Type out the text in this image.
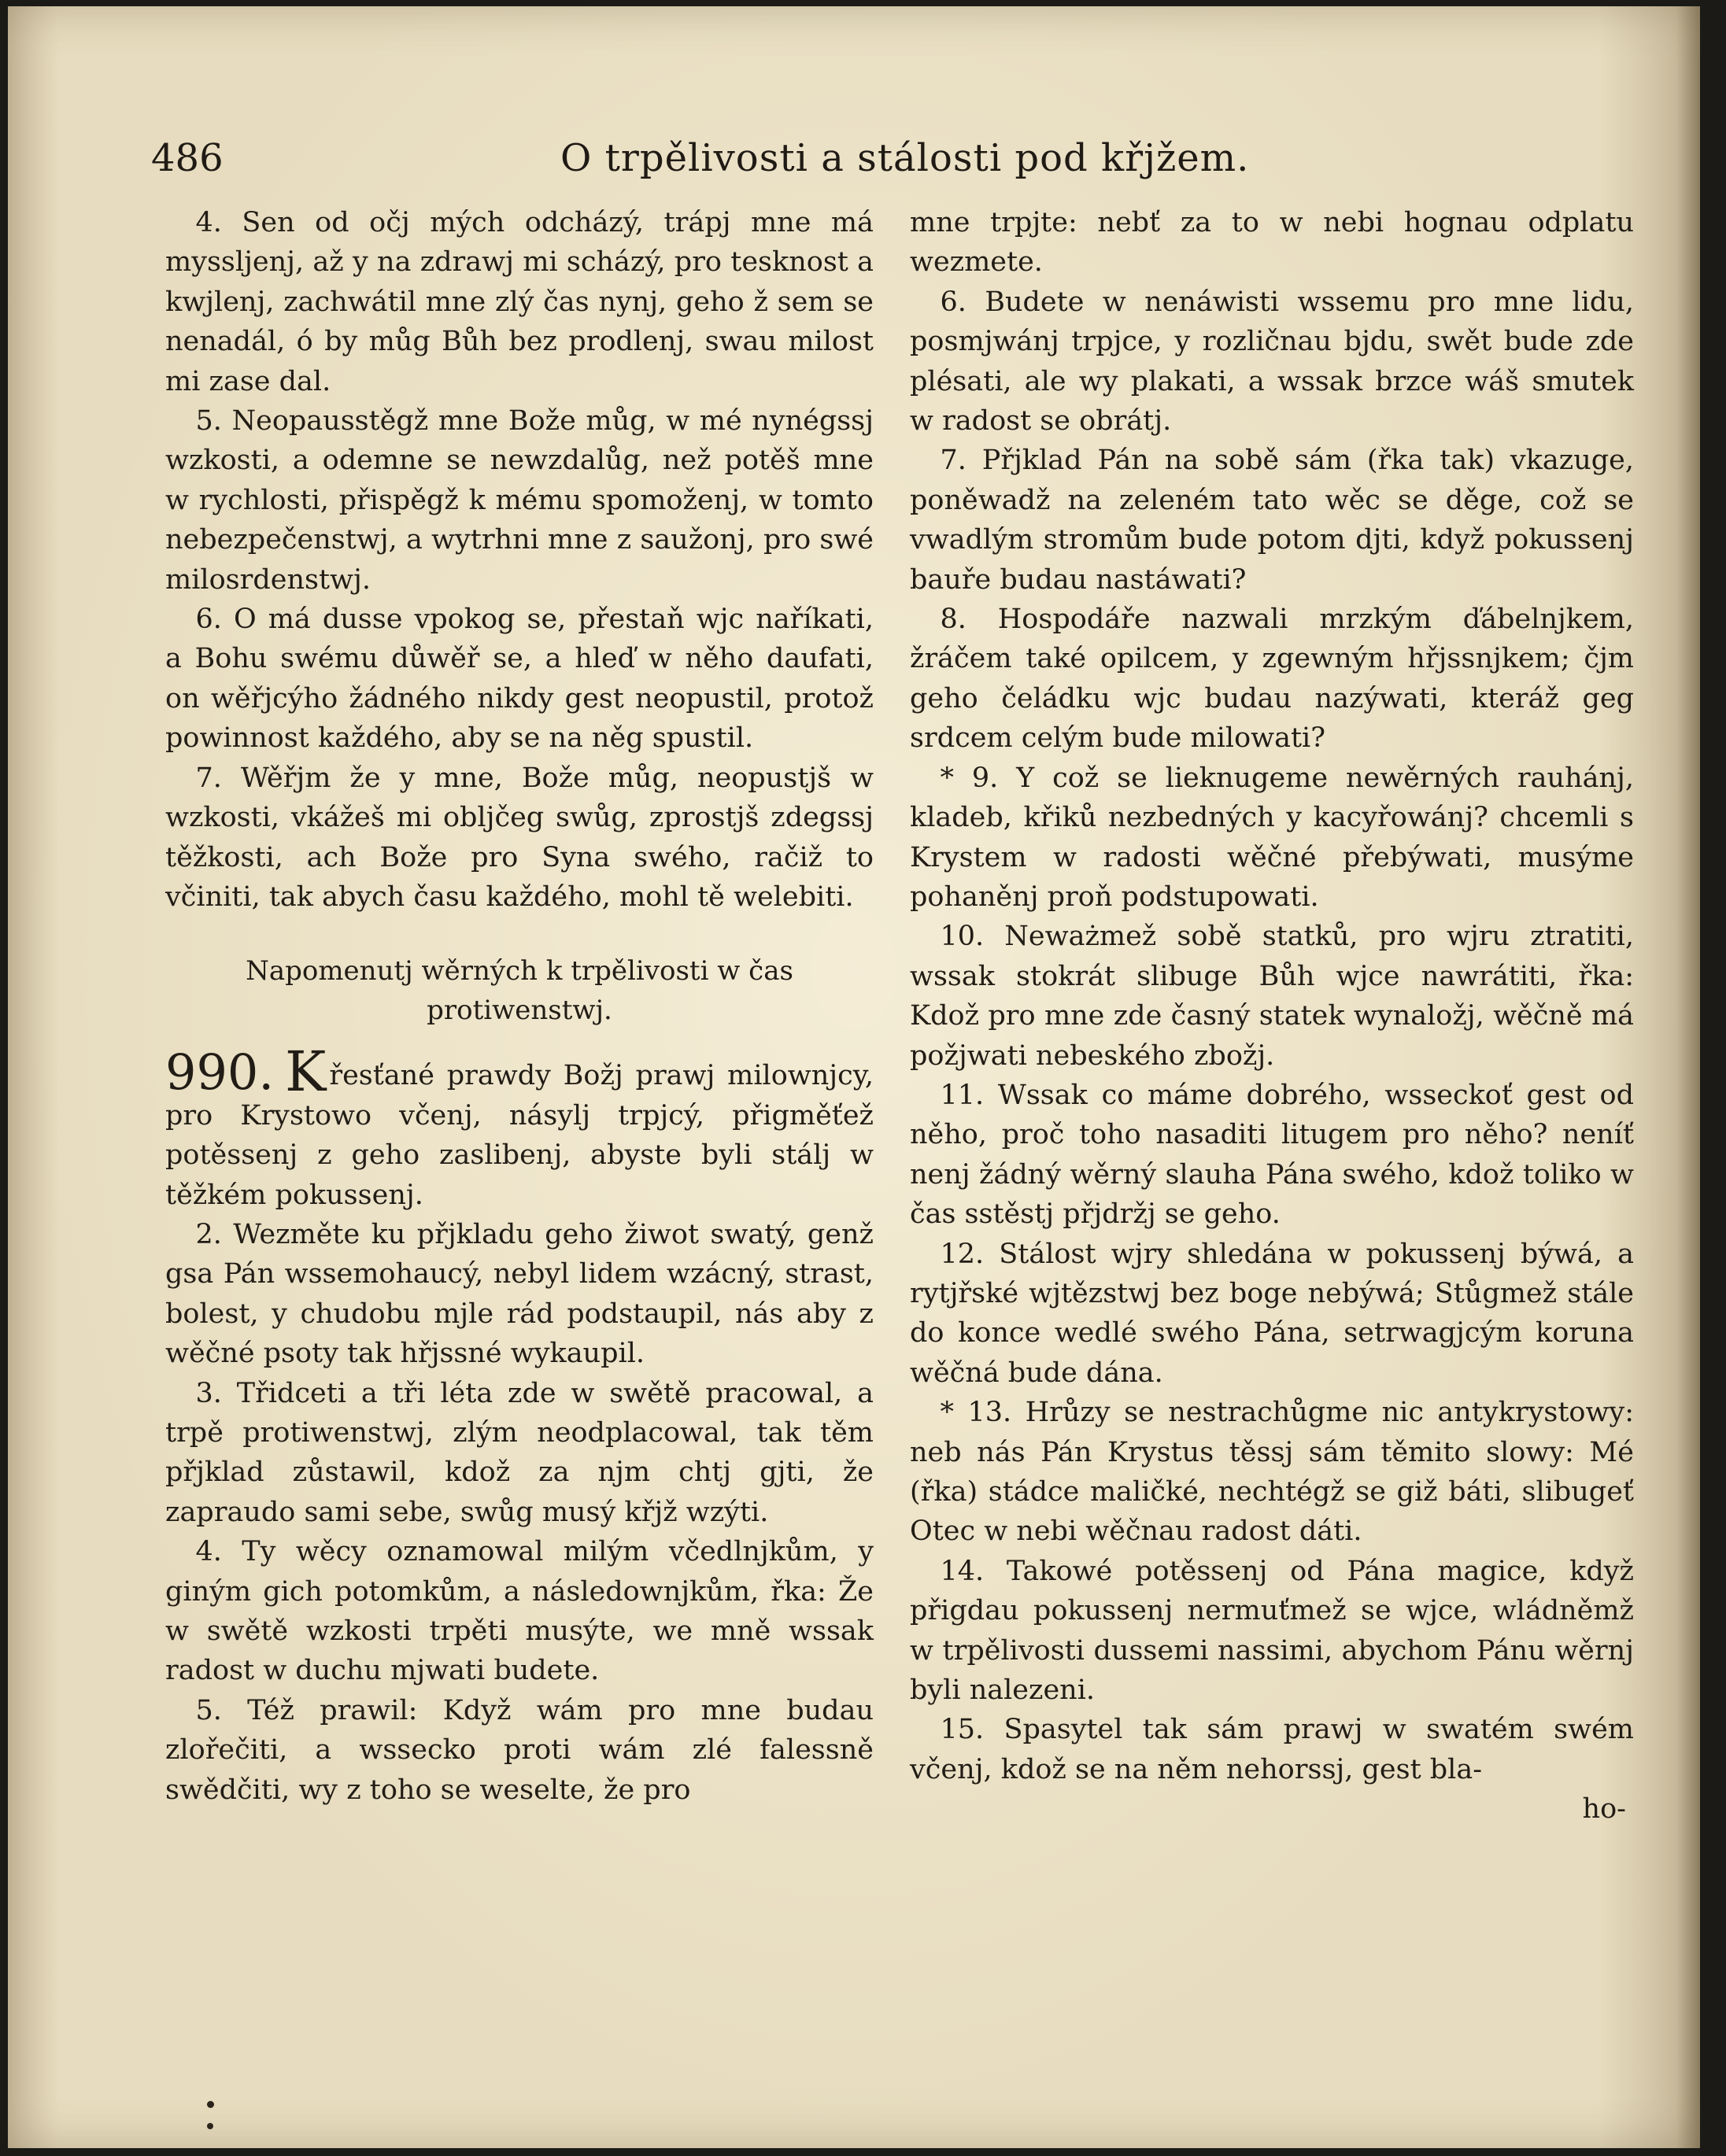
486	O trpělivosti a stálosti pod křjžem.

4. Sen od očj mých odcházý, trápj mne má myssljenj, až y na zdrawj mi scházý, pro tesknost a kwjlenj, zachwátil mne zlý čas nynj, geho ž sem se nenadál, ó by můg Bůh bez prodlenj, swau milost mi zase dal.

5. Neopausstěgž mne Bože můg, w mé nynégssj wzkosti, a odemne se newzdalůg, než potěš mne w rychlosti, přispěgž k mému spomoženj, w tomto nebezpečenstwj, a wytrhni mne z saužonj, pro swé milosrdenstwj.

6. O má dusse vpokog se, přestaň wjc naříkati, a Bohu swému důwěř se, a hleď w něho daufati, on wěřjcýho žádného nikdy gest neopustil, protož powinnost každého, aby se na něg spustil.

7. Wěřjm že y mne, Bože můg, neopustjš w wzkosti, vkážeš mi obljčeg swůg, zprostjš zdegssj těžkosti, ach Bože pro Syna swého, račiž to včiniti, tak abych času každého, mohl tě welebiti.

Napomenutj wěrných k trpělivosti w čas protiwenstwj.

990. K řesťané prawdy Božj prawj milownjcy, pro Krystowo včenj, násylj trpjcý, přigměťež potěssenj z geho zaslibenj, abyste byli stálj w těžkém pokussenj.

2. Wezměte ku přjkladu geho žiwot swatý, genž gsa Pán wssemohaucý, nebyl lidem wzácný, strast, bolest, y chudobu mjle rád podstaupil, nás aby z wěčné psoty tak hřjssné wykaupil.

3. Třidceti a tři léta zde w swětě pracowal, a trpě protiwenstwj, zlým neodplacowal, tak těm přjklad zůstawil, kdož za njm chtj gjti, že zapraudo sami sebe, swůg musý křjž wzýti.

4. Ty wěcy oznamowal milým včedlnjkům, y giným gich potomkům, a následownjkům, řka: Že w swětě wzkosti trpěti musýte, we mně wssak radost w duchu mjwati budete.

5. Též prawil: Když wám pro mne budau zlořečiti, a wsseсko proti wám zlé falessně swědčiti, wy z toho se weselte, že pro

mne trpjte: nebť za to w nebi hognau odplatu wezmete.

6. Budete w nenáwisti wssemu pro mne lidu, posmjwánj trpjce, y rozličnau bjdu, swět bude zde plésati, ale wy plakati, a wssak brzce wáš smutek w radost se obrátj.

7. Přjklad Pán na sobě sám (řka tak) vkazuge, poněwadž na zeleném tato wěc se děge, což se vwadlým stromům bude potom djti, když pokussenj bauře budau nastáwati?

8. Hospodáře nazwali mrzkým ďábelnjkem, žráčem také opilcem, y zgewným hřjssnjkem; čjm geho čeládku wjc budau nazýwati, kteráž geg srdcem celým bude milowati?

* 9. Y což se lieknugeme newěrných rauhánj, kladeb, křiků nezbedných y kacyřowánj? chcemli s Krystem w radosti wěčné přebýwati, musýme pohaněnj proň podstupowati.

10. Neważmež sobě statků, pro wjru ztratiti, wssak stokrát slibuge Bůh wjce nawrátiti, řka: Kdož pro mne zde časný statek wynaložj, wěčně má požjwati nebeského zbožj.

11. Wssak co máme dobrého, wsseckoť gest od něho, proč toho nasaditi litugem pro něho? neníť nenj žádný wěrný slauha Pána swého, kdož toliko w čas sstěstj přjdržj se geho.

12. Stálost wjry shledána w pokussenj býwá, a rytjřské wjtězstwj bez boge nebýwá; Stůgmež stále do konce wedlé swého Pána, setrwagjcým koruna wěčná bude dána.

* 13. Hrůzy se nestrachůgme nic antykrystowy: neb nás Pán Krystus těssj sám těmito slowy: Mé (řka) stádce maličké, nechtégž se giž báti, slibugeť Otec w nebi wěčnau radost dáti.

14. Takowé potěssenj od Pána magice, když přigdau pokussenj nermuťmež se wjce, wládněmž w trpělivosti dussemi nassimi, abychom Pánu wěrnj byli nalezeni.

15. Spasytel tak sám prawj w swatém swém včenj, kdož se na něm nehorssj, gest bla-

ho-
